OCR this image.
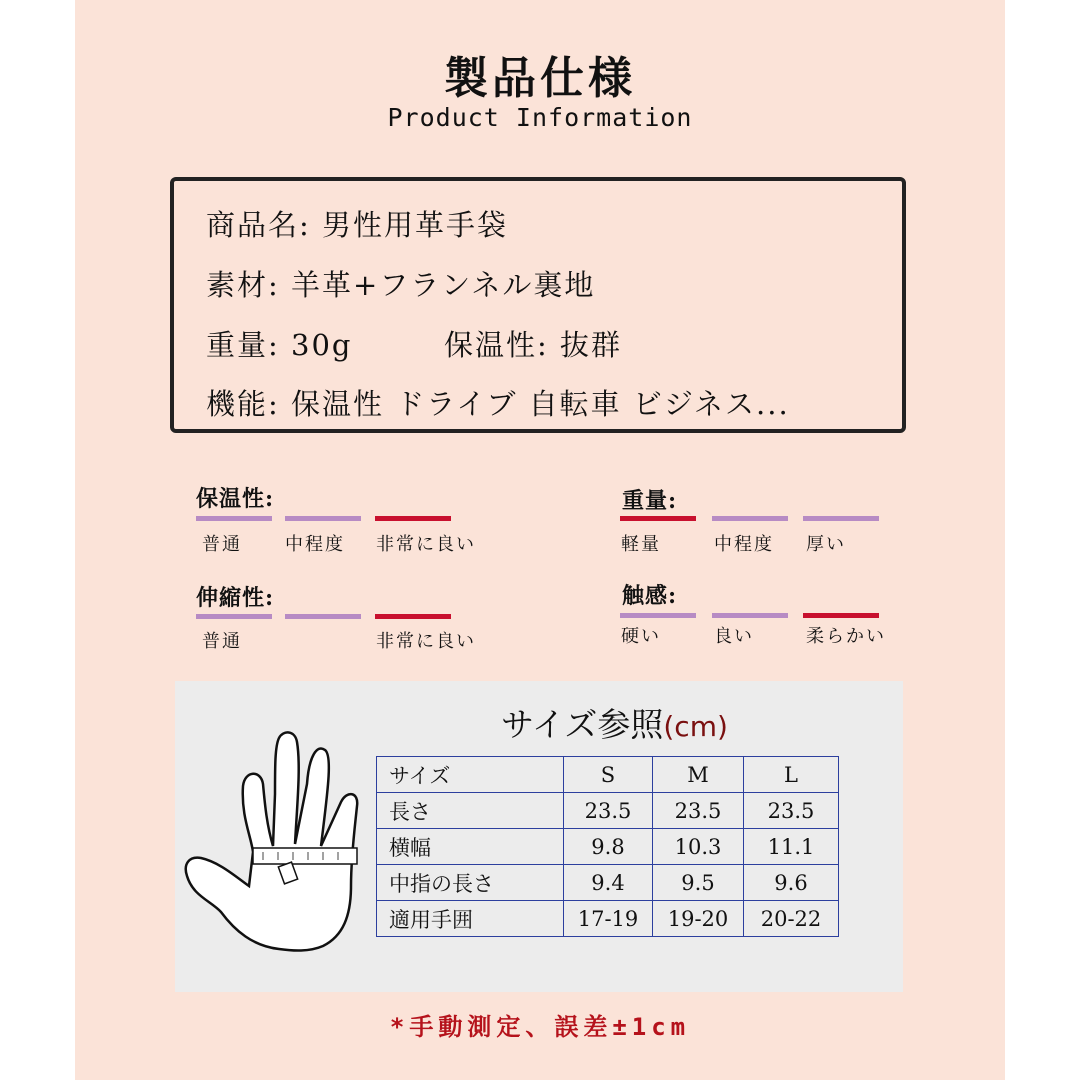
製品仕様
Product Information
商品名: 男性用革手袋
素材: 羊革+フランネル裏地
重量: 30g	保温性: 抜群
機能: 保温性 ドライブ 自転車 ビジネス...
保温性:
普通 中程度 非常に良い
重量:
軽量	中程度 厚い
伸縮性:
普通	非常に良い
触感:
硬い	良い	柔らかい
サイズ参照(cm)
サイズ	S	M	L
長さ	23.5	23.5	23.5
横幅	9.8	10.3	11.1
中指の長さ	9.4	9.5	9.6
適用手囲	17-19	19-20	20-22
*手動測定、誤差±1cm
